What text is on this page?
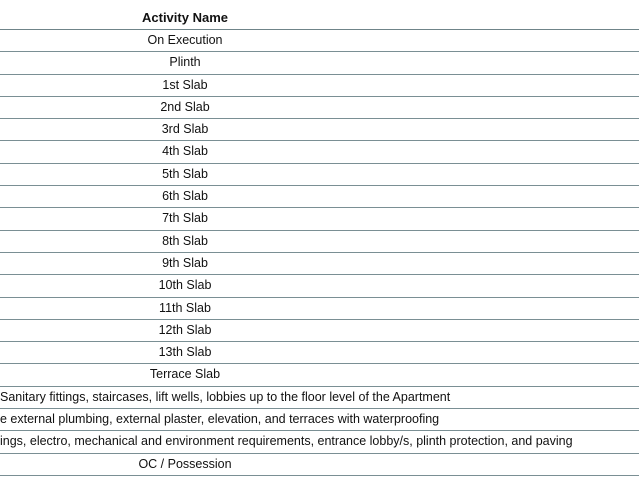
Activity Name
On Execution
Plinth
1st Slab
2nd Slab
3rd Slab
4th Slab
5th Slab
6th Slab
7th Slab
8th Slab
9th Slab
10th Slab
11th Slab
12th Slab
13th Slab
Terrace Slab
Sanitary fittings, staircases, lift wells, lobbies up to the floor level of the Apartment
e external plumbing, external plaster, elevation, and terraces with waterproofing
ings, electro, mechanical and environment requirements, entrance lobby/s, plinth protection, and paving
OC / Possession
